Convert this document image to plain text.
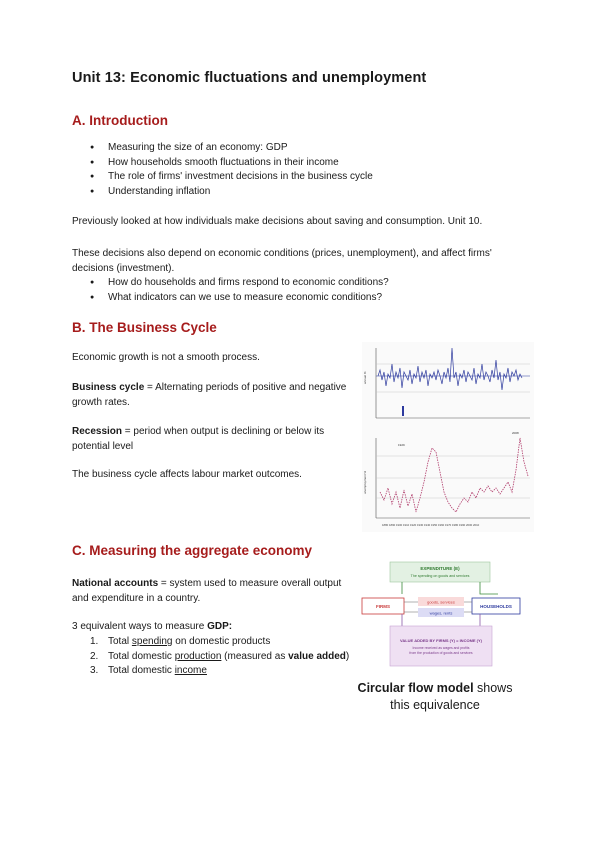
Unit 13: Economic fluctuations and unemployment
A. Introduction
● Measuring the size of an economy: GDP
● How households smooth fluctuations in their income
● The role of firms' investment decisions in the business cycle
● Understanding inflation

Previously looked at how individuals make decisions about saving and consumption. Unit 10.

These decisions also depend on economic conditions (prices, unemployment), and affect firms' decisions (investment).

● How do households and firms respond to economic conditions?
● What indicators can we use to measure economic conditions?
B. The Business Cycle

Economic growth is not a smooth process.

Business cycle = Alternating periods of positive and negative growth rates.

Recession = period when output is declining or below its potential level

The business cycle affects labour market outcomes.

annual %
1929
2008
unemployment %
1880 1890 1900 1910 1920 1930 1940 1950 1960 1970 1980 1990 2000 2010
C. Measuring the aggregate economy

National accounts = system used to measure overall output and expenditure in a country.

3 equivalent ways to measure GDP:

1. Total spending on domestic products
2. Total domestic production (measured as value added)
3. Total domestic income
EXPENDITURE (E)
The spending on goods and services
FIRMS	HOUSEHOLDS
goods, services
wages, rents
VALUE ADDED BY FIRMS (Y) = INCOME (Y)
Income received as wages and profits
from the production of goods and services
Circular flow model shows this equivalence
